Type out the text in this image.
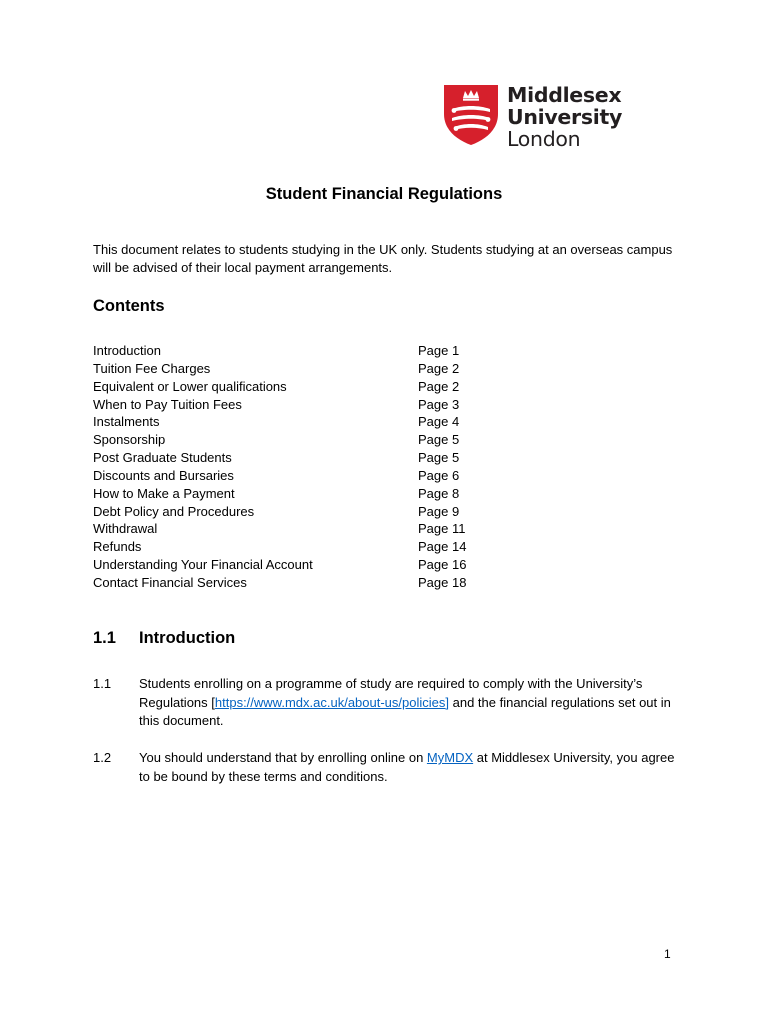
Middlesex
University
London
Student Financial Regulations

This document relates to students studying in the UK only. Students studying at an overseas campus will be advised of their local payment arrangements.

Contents
Introduction	Page 1
Tuition Fee Charges	Page 2
Equivalent or Lower qualifications	Page 2
When to Pay Tuition Fees	Page 3
Instalments	Page 4
Sponsorship	Page 5
Post Graduate Students	Page 5
Discounts and Bursaries	Page 6
How to Make a Payment	Page 8
Debt Policy and Procedures	Page 9
Withdrawal	Page 11
Refunds	Page 14
Understanding Your Financial Account	Page 16
Contact Financial Services	Page 18
1.1	Introduction
1.1	Students enrolling on a programme of study are required to comply with the University’s Regulations [https://www.mdx.ac.uk/about-us/policies] and the financial regulations set out in this document.
1.2	You should understand that by enrolling online on MyMDX at Middlesex University, you agree to be bound by these terms and conditions.
1
